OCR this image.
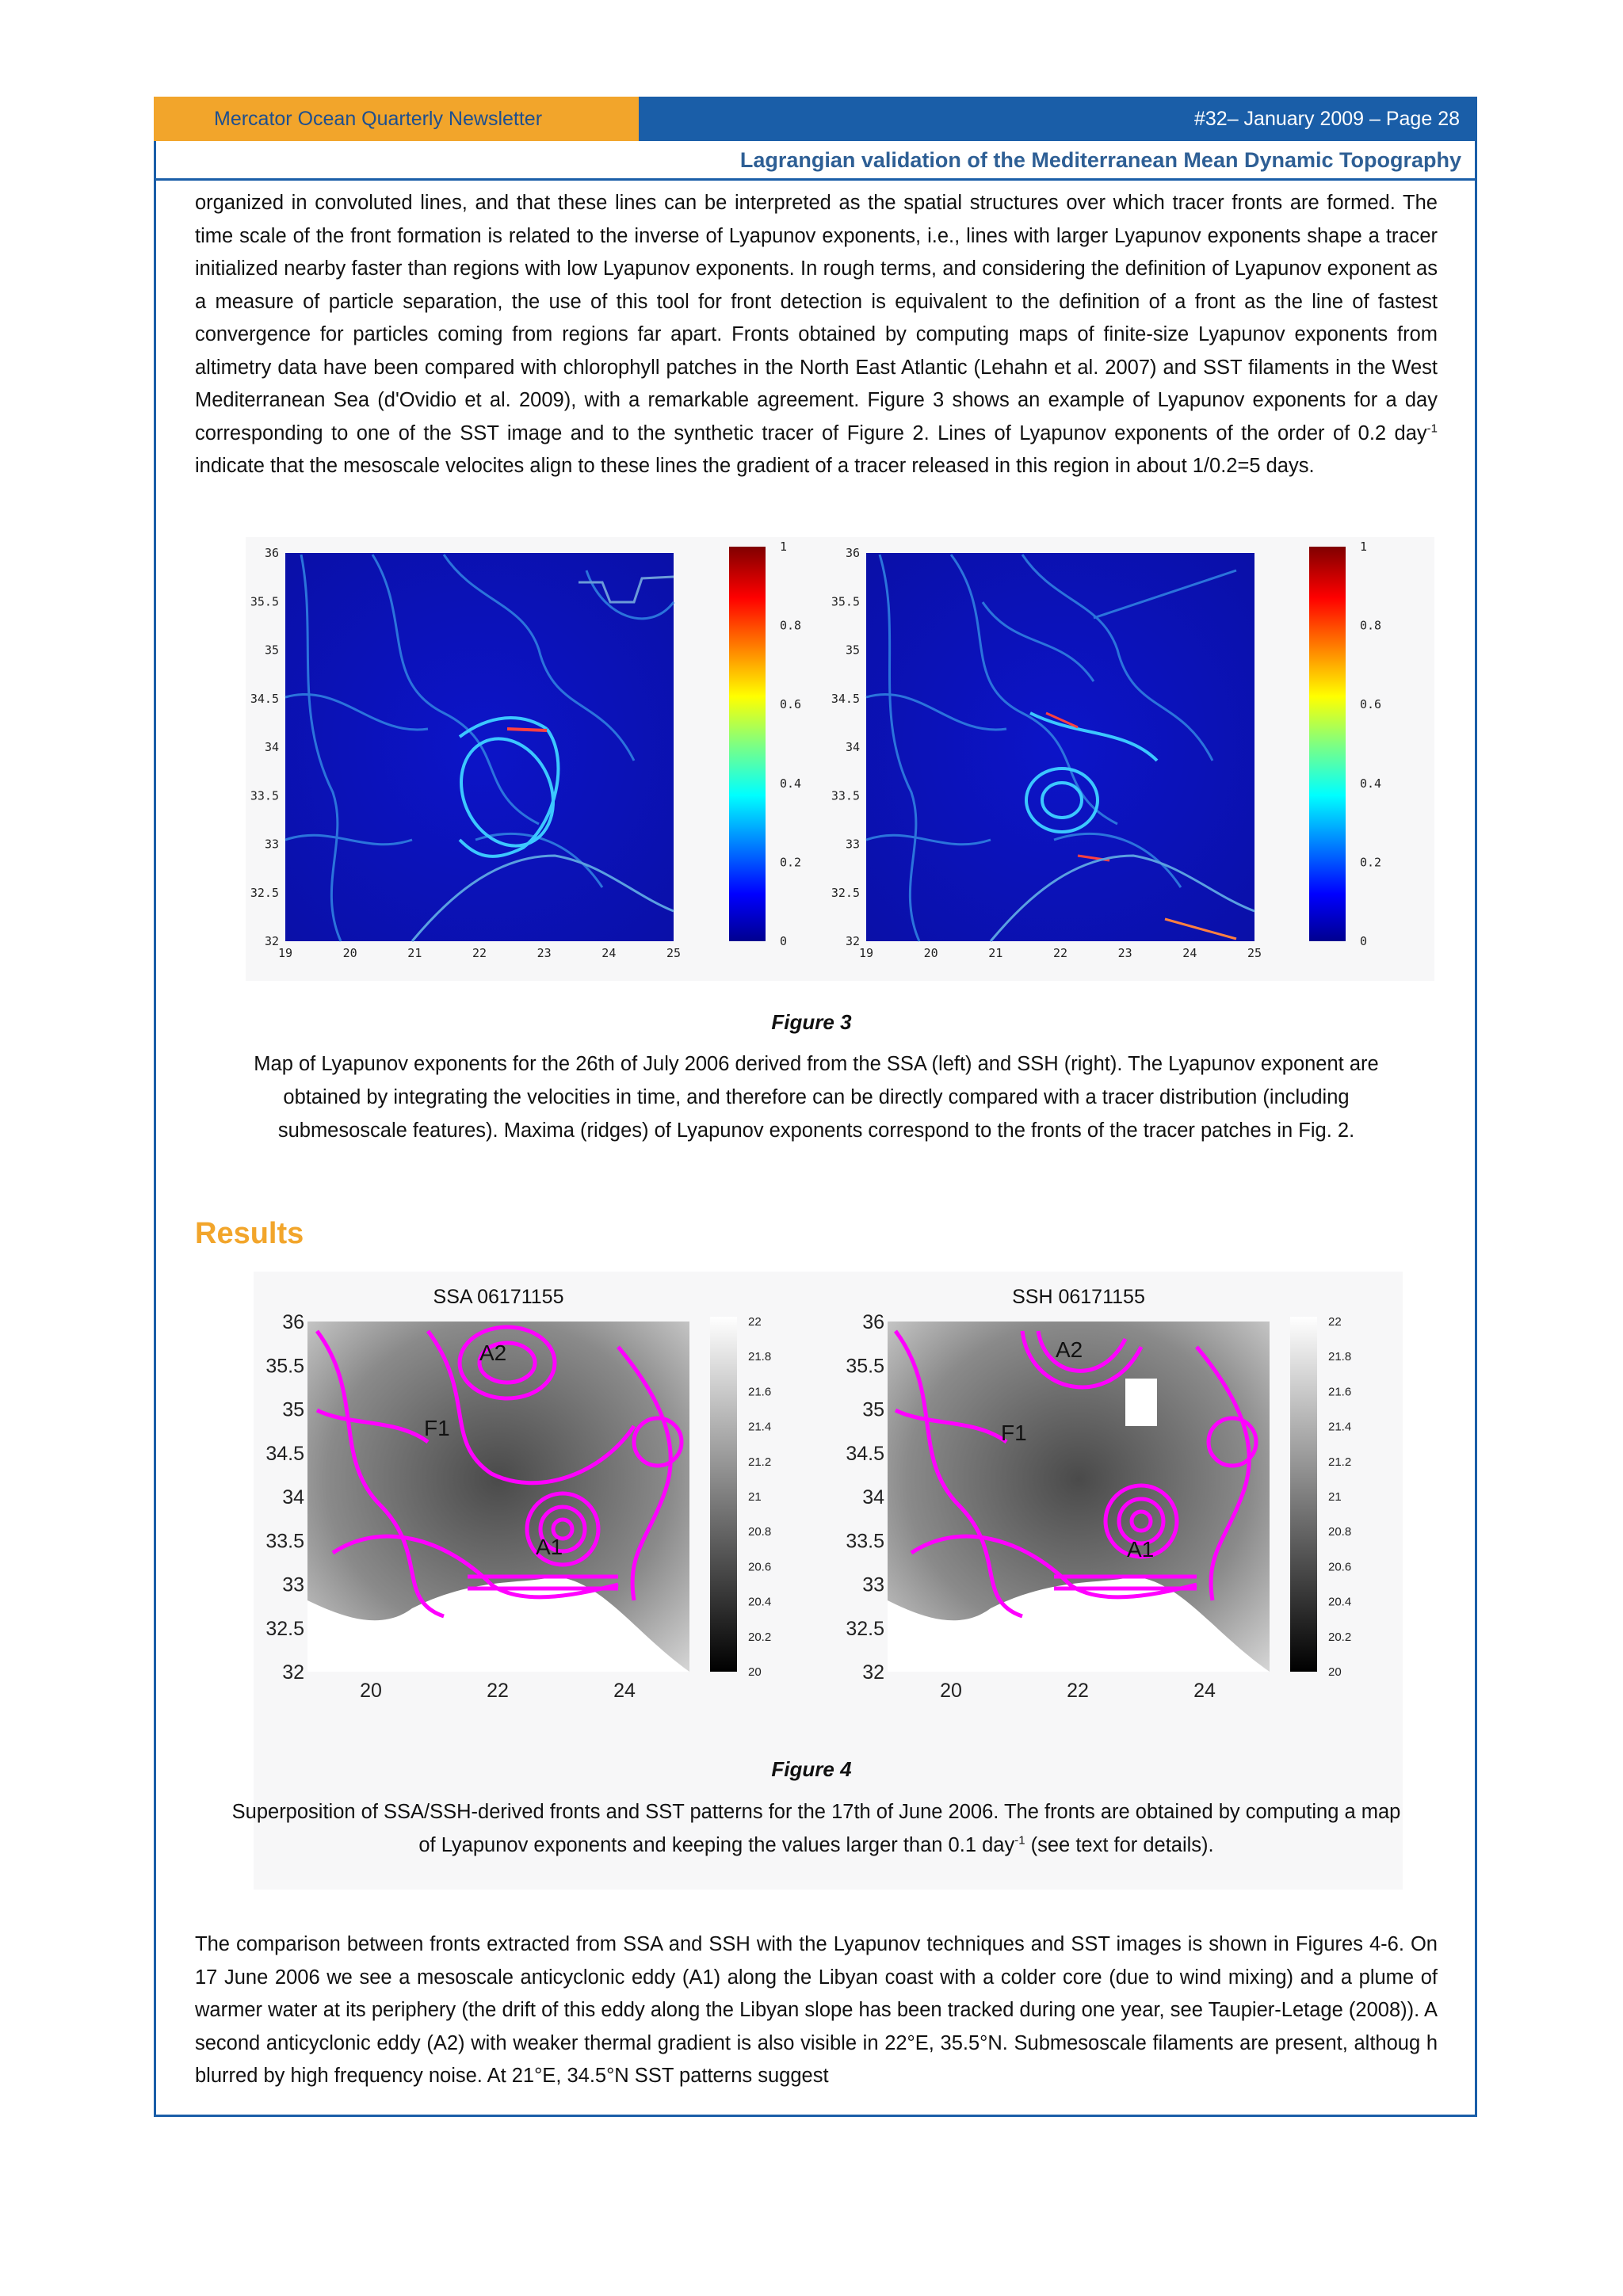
Mercator Ocean Quarterly Newsletter	#32– January 2009 – Page 28
Lagrangian validation of the Mediterranean Mean Dynamic Topography
organized in convoluted lines, and that these lines can be interpreted as the spatial structures over which tracer fronts are formed. The time scale of the front formation is related to the inverse of Lyapunov exponents, i.e., lines with larger Lyapunov exponents shape a tracer initialized nearby faster than regions with low Lyapunov exponents. In rough terms, and considering the definition of Lyapunov exponent as a measure of particle separation, the use of this tool for front detection is equivalent to the definition of a front as the line of fastest convergence for particles coming from regions far apart. Fronts obtained by computing maps of finite-size Lyapunov exponents from altimetry data have been compared with chlorophyll patches in the North East Atlantic (Lehahn et al. 2007) and SST filaments in the West Mediterranean Sea (d'Ovidio et al. 2009), with a remarkable agreement. Figure 3 shows an example of Lyapunov exponents for a day corresponding to one of the SST image and to the synthetic tracer of Figure 2. Lines of Lyapunov exponents of the order of 0.2 day$^{-1}$ indicate that the mesoscale velocites align to these lines the gradient of a tracer released in this region in about 1/0.2=5 days.
36
35.5
35
34.5
34
33.5
33
32.5
32
19	20	21	22	23	24	25
36
35.5
35
34.5
34
33.5
33
32.5
32
19	20	21	22	23	24	25
1
0.8
0.6
0.4
0.2
0
1
0.8
0.6
0.4
0.2
0
Figure 3
Map of Lyapunov exponents for the 26th of July 2006 derived from the SSA (left) and SSH (right). The Lyapunov exponent are obtained by integrating the velocities in time, and therefore can be directly compared with a tracer distribution (including submesoscale features). Maxima (ridges) of Lyapunov exponents correspond to the fronts of the tracer patches in Fig. 2.
Results
SSA 06171155	SSH 06171155
A2
F1
A1
A2
F1
A1
36
35.5
35
34.5
34
33.5
33
32.5
32
20	22	24
36
35.5
35
34.5
34
33.5
33
32.5
32
20	22	24
22
21.8
21.6
21.4
21.2
21
20.8
20.6
20.4
20.2
20
22
21.8
21.6
21.4
21.2
21
20.8
20.6
20.4
20.2
20
Figure 4
Superposition of SSA/SSH-derived fronts and SST patterns for the 17th of June 2006. The fronts are obtained by computing a map of Lyapunov exponents and keeping the values larger than 0.1 day$^{-1}$ (see text for details).
The comparison between fronts extracted from SSA and SSH with the Lyapunov techniques and SST images is shown in Figures 4-6. On 17 June 2006 we see a mesoscale anticyclonic eddy (A1) along the Libyan coast with a colder core (due to wind mixing) and a plume of warmer water at its periphery (the drift of this eddy along the Libyan slope has been tracked during one year, see Taupier-Letage (2008)). A second anticyclonic eddy (A2) with weaker thermal gradient is also visible in 22°E, 35.5°N. Submesoscale filaments are present, althoug h blurred by high frequency noise. At 21°E, 34.5°N SST patterns suggest
